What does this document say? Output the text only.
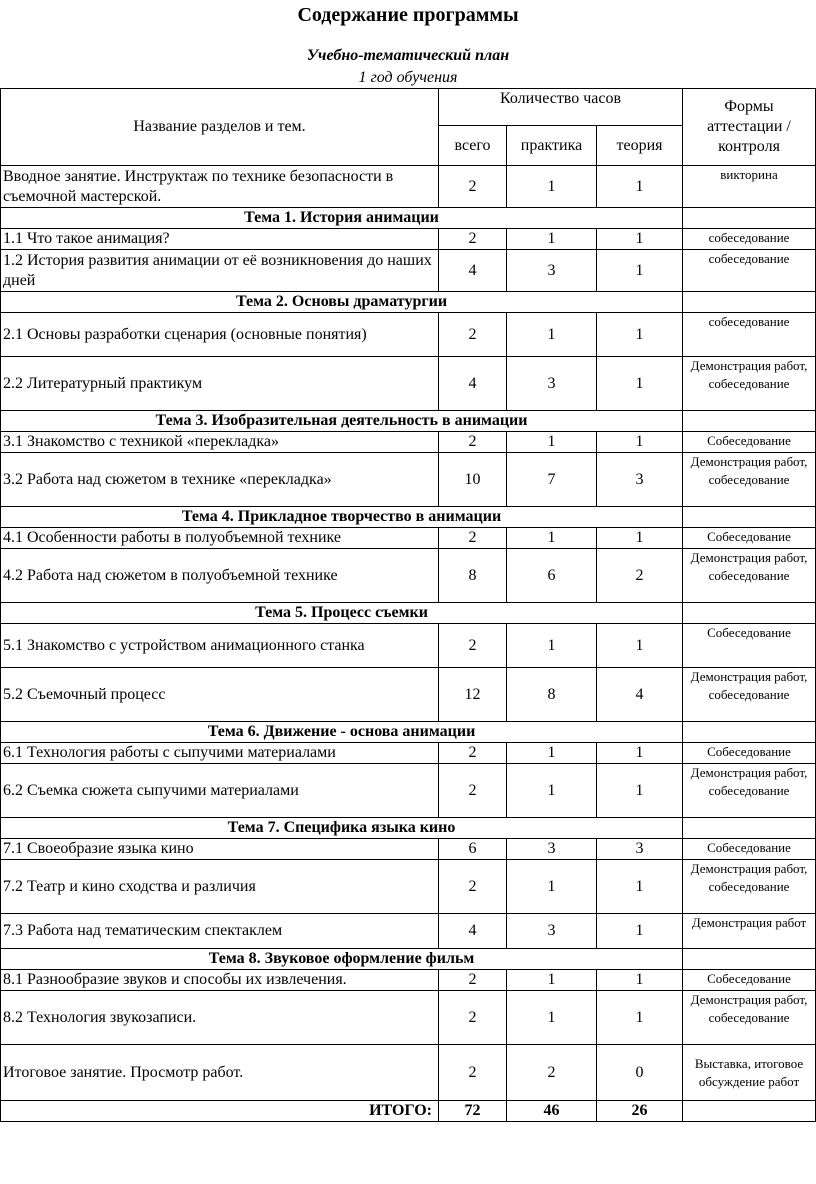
Содержание программы
Учебно-тематический план
1 год обучения
Название разделов и тем.	Количество часов			Формы аттестации / контроля
	всего	практика	теория	
Вводное занятие. Инструктаж по технике безопасности в съемочной мастерской.	2	1	1	викторина
Тема 1. История анимации				
1.1 Что такое анимация?	2	1	1	собеседование
1.2 История развития анимации от её возникновения до наших дней	4	3	1	собеседование
Тема 2. Основы драматургии				
2.1 Основы разработки сценария (основные понятия)	2	1	1	собеседование
2.2 Литературный практикум	4	3	1	Демонстрация работ, собеседование
Тема 3. Изобразительная деятельность в анимации				
3.1 Знакомство с техникой «перекладка»	2	1	1	Собеседование
3.2 Работа над сюжетом в технике «перекладка»	10	7	3	Демонстрация работ, собеседование
Тема 4. Прикладное творчество в анимации				
4.1 Особенности работы в полуобъемной технике	2	1	1	Собеседование
4.2 Работа над сюжетом в полуобъемной технике	8	6	2	Демонстрация работ, собеседование
Тема 5. Процесс съемки				
5.1 Знакомство с устройством анимационного станка	2	1	1	Собеседование
5.2 Съемочный процесс	12	8	4	Демонстрация работ, собеседование
Тема 6. Движение - основа анимации				
6.1 Технология работы с сыпучими материалами	2	1	1	Собеседование
6.2 Съемка сюжета сыпучими материалами	2	1	1	Демонстрация работ, собеседование
Тема 7. Специфика языка кино				
7.1 Своеобразие языка кино	6	3	3	Собеседование
7.2 Театр и кино сходства и различия	2	1	1	Демонстрация работ, собеседование
7.3 Работа над тематическим спектаклем	4	3	1	Демонстрация работ
Тема 8. Звуковое оформление фильм				
8.1 Разнообразие звуков и способы их извлечения.	2	1	1	Собеседование
8.2 Технология звукозаписи.	2	1	1	Демонстрация работ, собеседование
Итоговое занятие. Просмотр работ.	2	2	0	Выставка, итоговое обсуждение работ
ИТОГО:	72	46	26	
